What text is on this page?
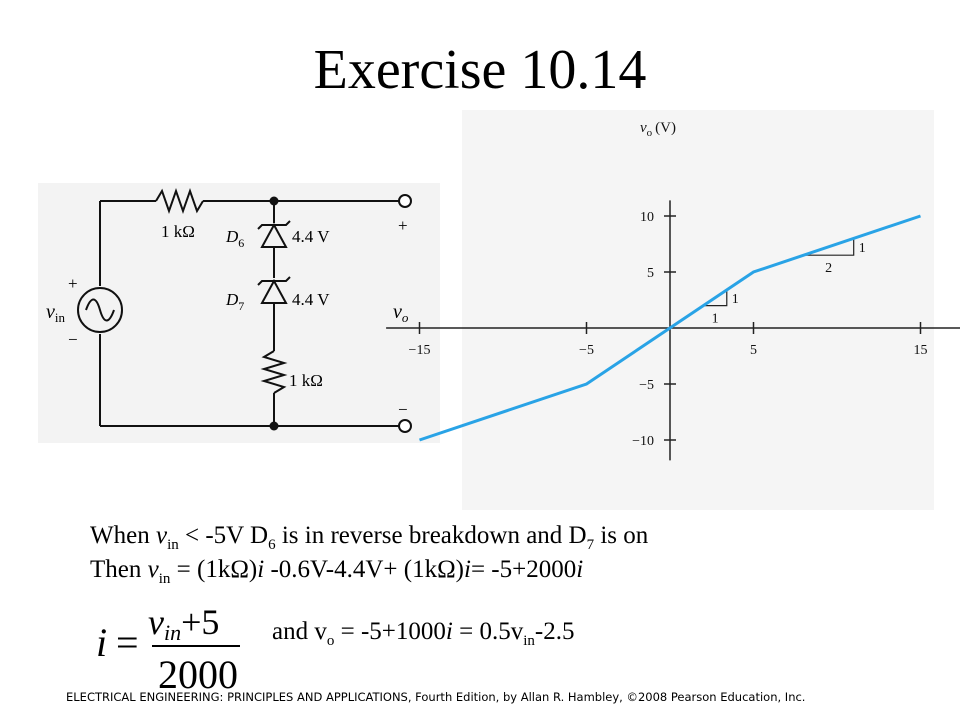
Exercise 10.14
1 kΩ
1 kΩ
$D_6$	4.4 V
$D_7$	4.4 V
$v_{in}$
+
−
$v_o$
+
−
−15	−5	5	15
10
5
−5
−10
1
1
2
1
$v_o$ (V)
When $v_{in} < -5V$ $D_6$ is in reverse breakdown and $D_7$ is on
Then $v_{in} = (1k\Omega)i$ -0.6V-4.4V+ (1kΩ)i= -5+2000i
i = vin+5
2000
and $v_o = -5+1000i = 0.5v_{in}-2.5$
ELECTRICAL ENGINEERING: PRINCIPLES AND APPLICATIONS, Fourth Edition, by Allan R. Hambley, ©2008 Pearson Education, Inc.
